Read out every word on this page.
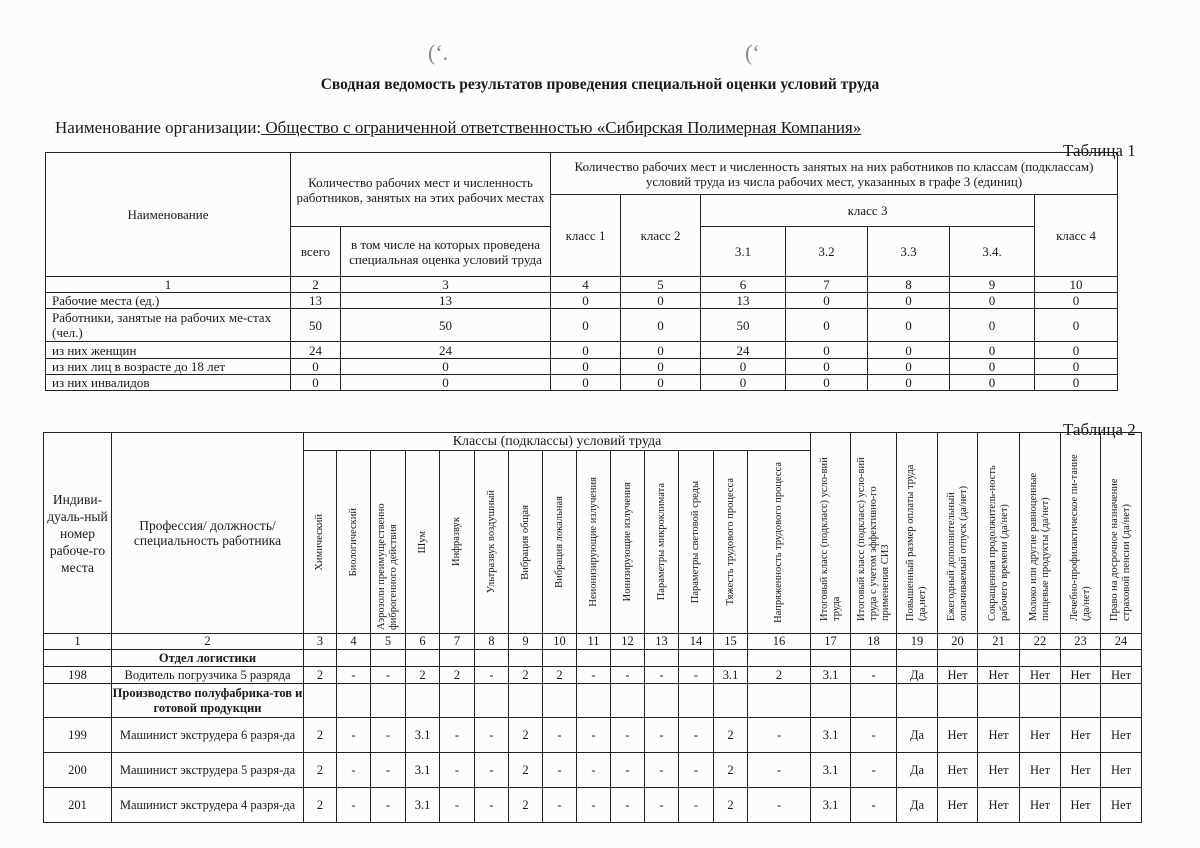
(‘.	(‘
Сводная ведомость результатов проведения специальной оценки условий труда
Наименование организации: Общество с ограниченной ответственностью «Сибирская Полимерная Компания»
Таблица 1
Наименование	Количество рабочих мест и численность работников, занятых на этих рабочих местах		Количество рабочих мест и численность занятых на них работников по классам (подклассам) условий труда из числа рабочих мест, указанных в графе 3 (единиц)						
			класс 1	класс 2	класс 3				класс 4
	всего	в том числе на которых проведена специальная оценка условий труда			3.1	3.2	3.3	3.4.	
1	2	3	4	5	6	7	8	9	10
Рабочие места (ед.)	13	13	0	0	13	0	0	0	0
Работники, занятые на рабочих ме-стах (чел.)	50	50	0	0	50	0	0	0	0
из них женщин	24	24	0	0	24	0	0	0	0
из них лиц в возрасте до 18 лет	0	0	0	0	0	0	0	0	0
из них инвалидов	0	0	0	0	0	0	0	0	0
Таблица 2
Индиви-дуаль-ный номер рабоче-го места	Профессия/ должность/ специальность работника	Классы (подклассы) условий труда														Итоговый класс (подкласс) усло-вий труда	Итоговый класс (подкласс) усло-вий труда с учетом эффективно-го применения СИЗ	Повышенный размер оплаты труда (да,нет)	Ежегодный дополнительный оплачиваемый отпуск (да/нет)	Сокращенная продолжитель-ность рабочего времени (да/нет)	Молоко или другие равноценные пищевые продукты (да/нет)	Лечебно-профилактическое пи-тание (да/нет)	Право на досрочное назначение страховой пенсии (да/нет)

		Химический	Биологический	Аэрозоли преимущественно фиброгенного действия	Шум	Инфразвук	Ультразвук воздушный	Вибрация общая	Вибрация локальная	Неионизирующие излучения	Ионизирующие излучения	Параметры микроклимата	Параметры световой среды	Тяжесть трудового процесса	Напряженность трудового процесса								

1	2	3	4	5	6	7	8	9	10	11	12	13	14	15	16	17	18	19	20	21	22	23	24
	Отдел логистики																						
198	Водитель погрузчика 5 разряда	2	-	-	2	2	-	2	2	-	-	-	-	3.1	2	3.1	-	Да	Нет	Нет	Нет	Нет	Нет
	Производство полуфабрика-тов и готовой продукции																						
199	Машинист экструдера 6 разря-да	2	-	-	3.1	-	-	2	-	-	-	-	-	2	-	3.1	-	Да	Нет	Нет	Нет	Нет	Нет
200	Машинист экструдера 5 разря-да	2	-	-	3.1	-	-	2	-	-	-	-	-	2	-	3.1	-	Да	Нет	Нет	Нет	Нет	Нет
201	Машинист экструдера 4 разря-да	2	-	-	3.1	-	-	2	-	-	-	-	-	2	-	3.1	-	Да	Нет	Нет	Нет	Нет	Нет
